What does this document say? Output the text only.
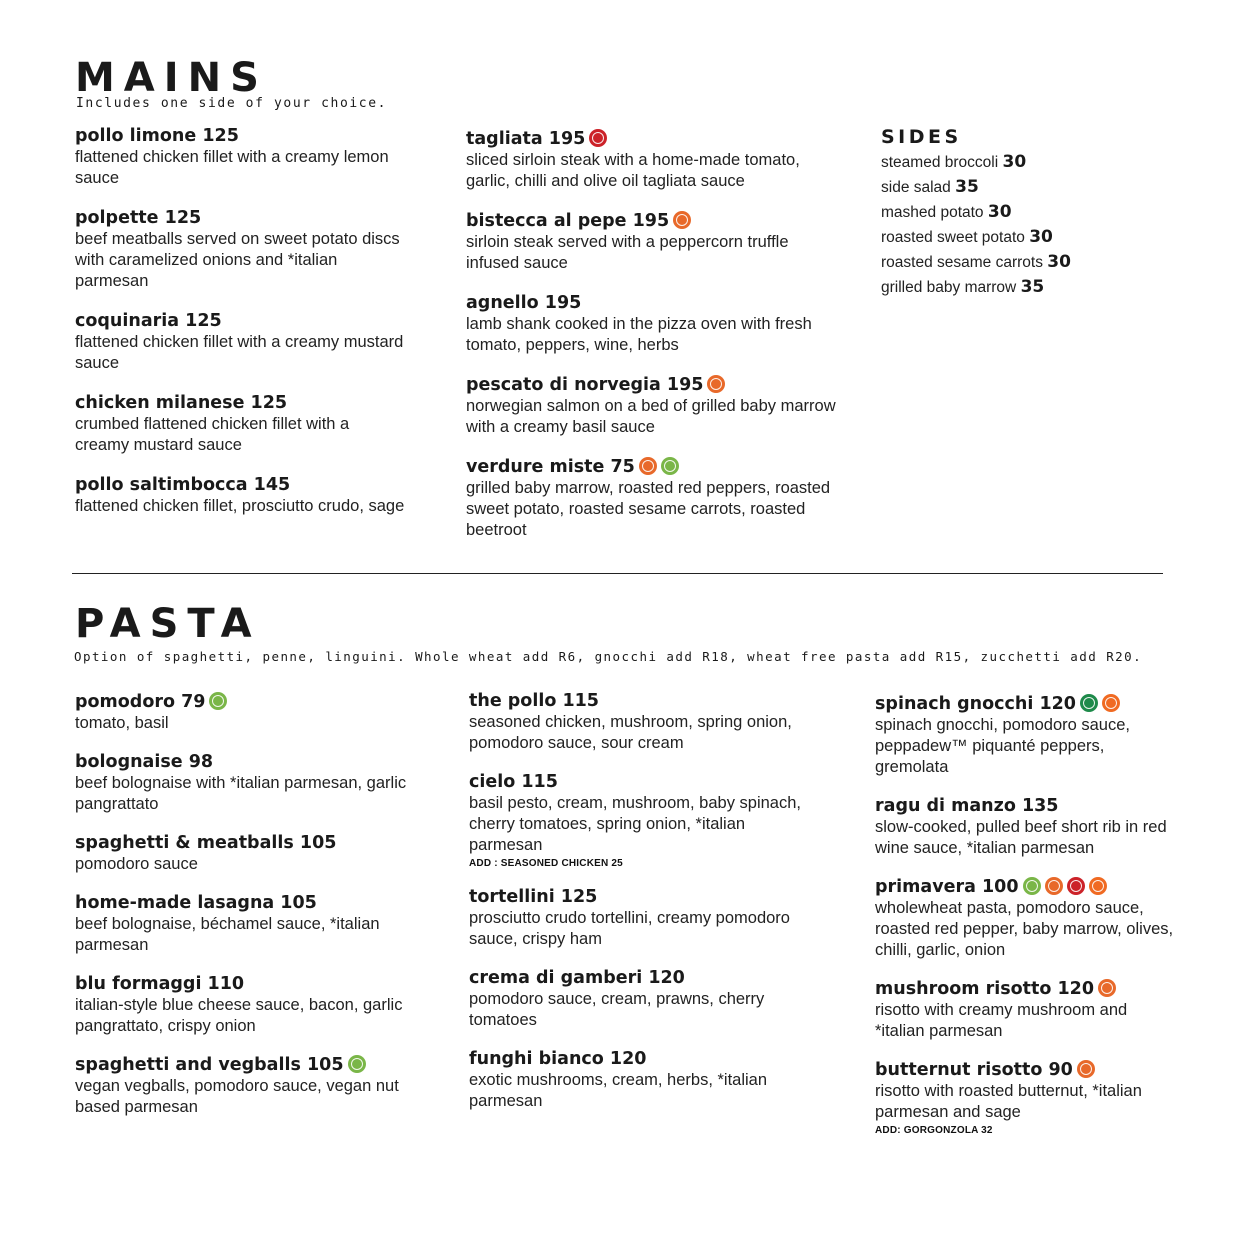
MAINS
Includes one side of your choice.
pollo limone 125
flattened chicken fillet with a creamy lemon sauce
polpette 125
beef meatballs served on sweet potato discs with caramelized onions and *italian parmesan
coquinaria 125
flattened chicken fillet with a creamy mustard sauce
chicken milanese 125
crumbed flattened chicken fillet with a creamy mustard sauce
pollo saltimbocca 145
flattened chicken fillet, prosciutto crudo, sage
tagliata 195
sliced sirloin steak with a home-made tomato, garlic, chilli and olive oil tagliata sauce
bistecca al pepe 195
sirloin steak served with a peppercorn truffle infused sauce
agnello 195
lamb shank cooked in the pizza oven with fresh tomato, peppers, wine, herbs
pescato di norvegia 195
norwegian salmon on a bed of grilled baby marrow with a creamy basil sauce
verdure miste 75
grilled baby marrow, roasted red peppers, roasted sweet potato, roasted sesame carrots, roasted beetroot
SIDES
steamed broccoli 30
side salad 35
mashed potato 30
roasted sweet potato 30
roasted sesame carrots 30
grilled baby marrow 35
PASTA
Option of spaghetti, penne, linguini. Whole wheat add R6, gnocchi add R18, wheat free pasta add R15, zucchetti add R20.
pomodoro 79
tomato, basil
bolognaise 98
beef bolognaise with *italian parmesan, garlic pangrattato
spaghetti & meatballs 105
pomodoro sauce
home-made lasagna 105
beef bolognaise, béchamel sauce, *italian parmesan
blu formaggi 110
italian-style blue cheese sauce, bacon, garlic pangrattato, crispy onion
spaghetti and vegballs 105
vegan vegballs, pomodoro sauce, vegan nut based parmesan
the pollo 115
seasoned chicken, mushroom, spring onion, pomodoro sauce, sour cream
cielo 115
basil pesto, cream, mushroom, baby spinach, cherry tomatoes, spring onion, *italian parmesan
ADD : SEASONED CHICKEN 25
tortellini 125
prosciutto crudo tortellini, creamy pomodoro sauce, crispy ham
crema di gamberi 120
pomodoro sauce, cream, prawns, cherry tomatoes
funghi bianco 120
exotic mushrooms, cream, herbs, *italian parmesan
spinach gnocchi 120
spinach gnocchi, pomodoro sauce, peppadew™ piquanté peppers, gremolata
ragu di manzo 135
slow-cooked, pulled beef short rib in red wine sauce, *italian parmesan
primavera 100
wholewheat pasta, pomodoro sauce, roasted red pepper, baby marrow, olives, chilli, garlic, onion
mushroom risotto 120
risotto with creamy mushroom and *italian parmesan
butternut risotto 90
risotto with roasted butternut, *italian parmesan and sage
ADD: GORGONZOLA 32
